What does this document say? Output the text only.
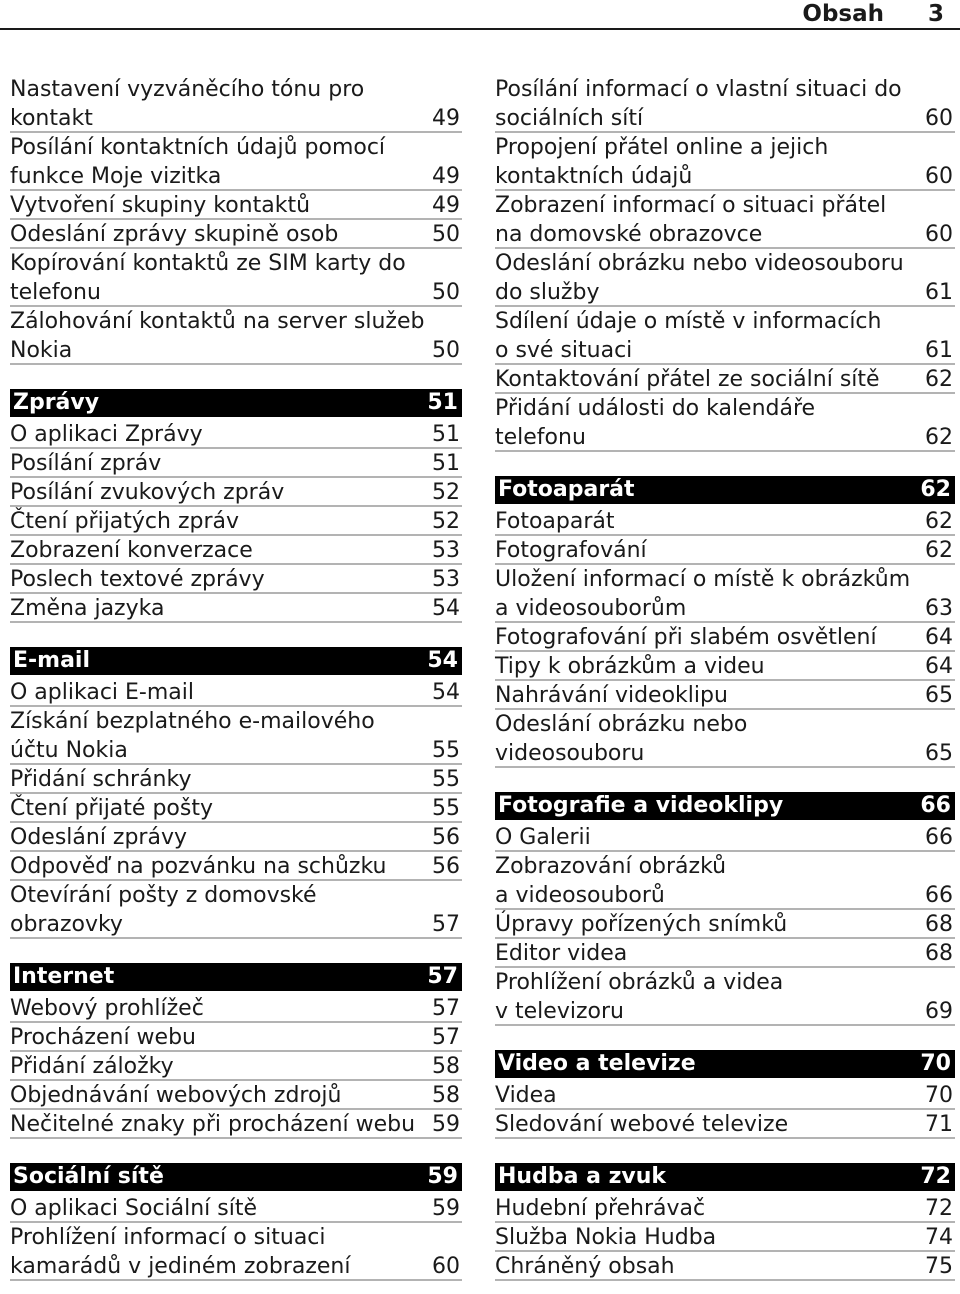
Obsah 3
Nastavení vyzváněcího tónu pro
kontakt	49
Posílání kontaktních údajů pomocí
funkce Moje vizitka	49
Vytvoření skupiny kontaktů	49
Odeslání zprávy skupině osob	50
Kopírování kontaktů ze SIM karty do
telefonu	50
Zálohování kontaktů na server služeb
Nokia	50
Zprávy	51
O aplikaci Zprávy	51
Posílání zpráv	51
Posílání zvukových zpráv	52
Čtení přijatých zpráv	52
Zobrazení konverzace	53
Poslech textové zprávy	53
Změna jazyka	54
E-mail	54
O aplikaci E-mail	54
Získání bezplatného e-mailového
účtu Nokia	55
Přidání schránky	55
Čtení přijaté pošty	55
Odeslání zprávy	56
Odpověď na pozvánku na schůzku 56
Otevírání pošty z domovské
obrazovky	57
Internet	57
Webový prohlížeč	57
Procházení webu	57
Přidání záložky	58
Objednávání webových zdrojů	58
Nečitelné znaky při procházení webu 59
Sociální sítě	59
O aplikaci Sociální sítě	59
Prohlížení informací o situaci
kamarádů v jediném zobrazení	60
Posílání informací o vlastní situaci do
sociálních sítí	60
Propojení přátel online a jejich
kontaktních údajů	60
Zobrazení informací o situaci přátel
na domovské obrazovce	60
Odeslání obrázku nebo videosouboru
do služby	61
Sdílení údaje o místě v informacích
o své situaci	61
Kontaktování přátel ze sociální sítě 62
Přidání události do kalendáře
telefonu	62
Fotoaparát	62
Fotoaparát	62
Fotografování	62
Uložení informací o místě k obrázkům
a videosouborům	63
Fotografování při slabém osvětlení 64
Tipy k obrázkům a videu	64
Nahrávání videoklipu	65
Odeslání obrázku nebo
videosouboru	65
Fotografie a videoklipy	66
O Galerii	66
Zobrazování obrázků
a videosouborů	66
Úpravy pořízených snímků	68
Editor videa	68
Prohlížení obrázků a videa
v televizoru	69
Video a televize	70
Videa	70
Sledování webové televize	71
Hudba a zvuk	72
Hudební přehrávač	72
Služba Nokia Hudba	74
Chráněný obsah	75
